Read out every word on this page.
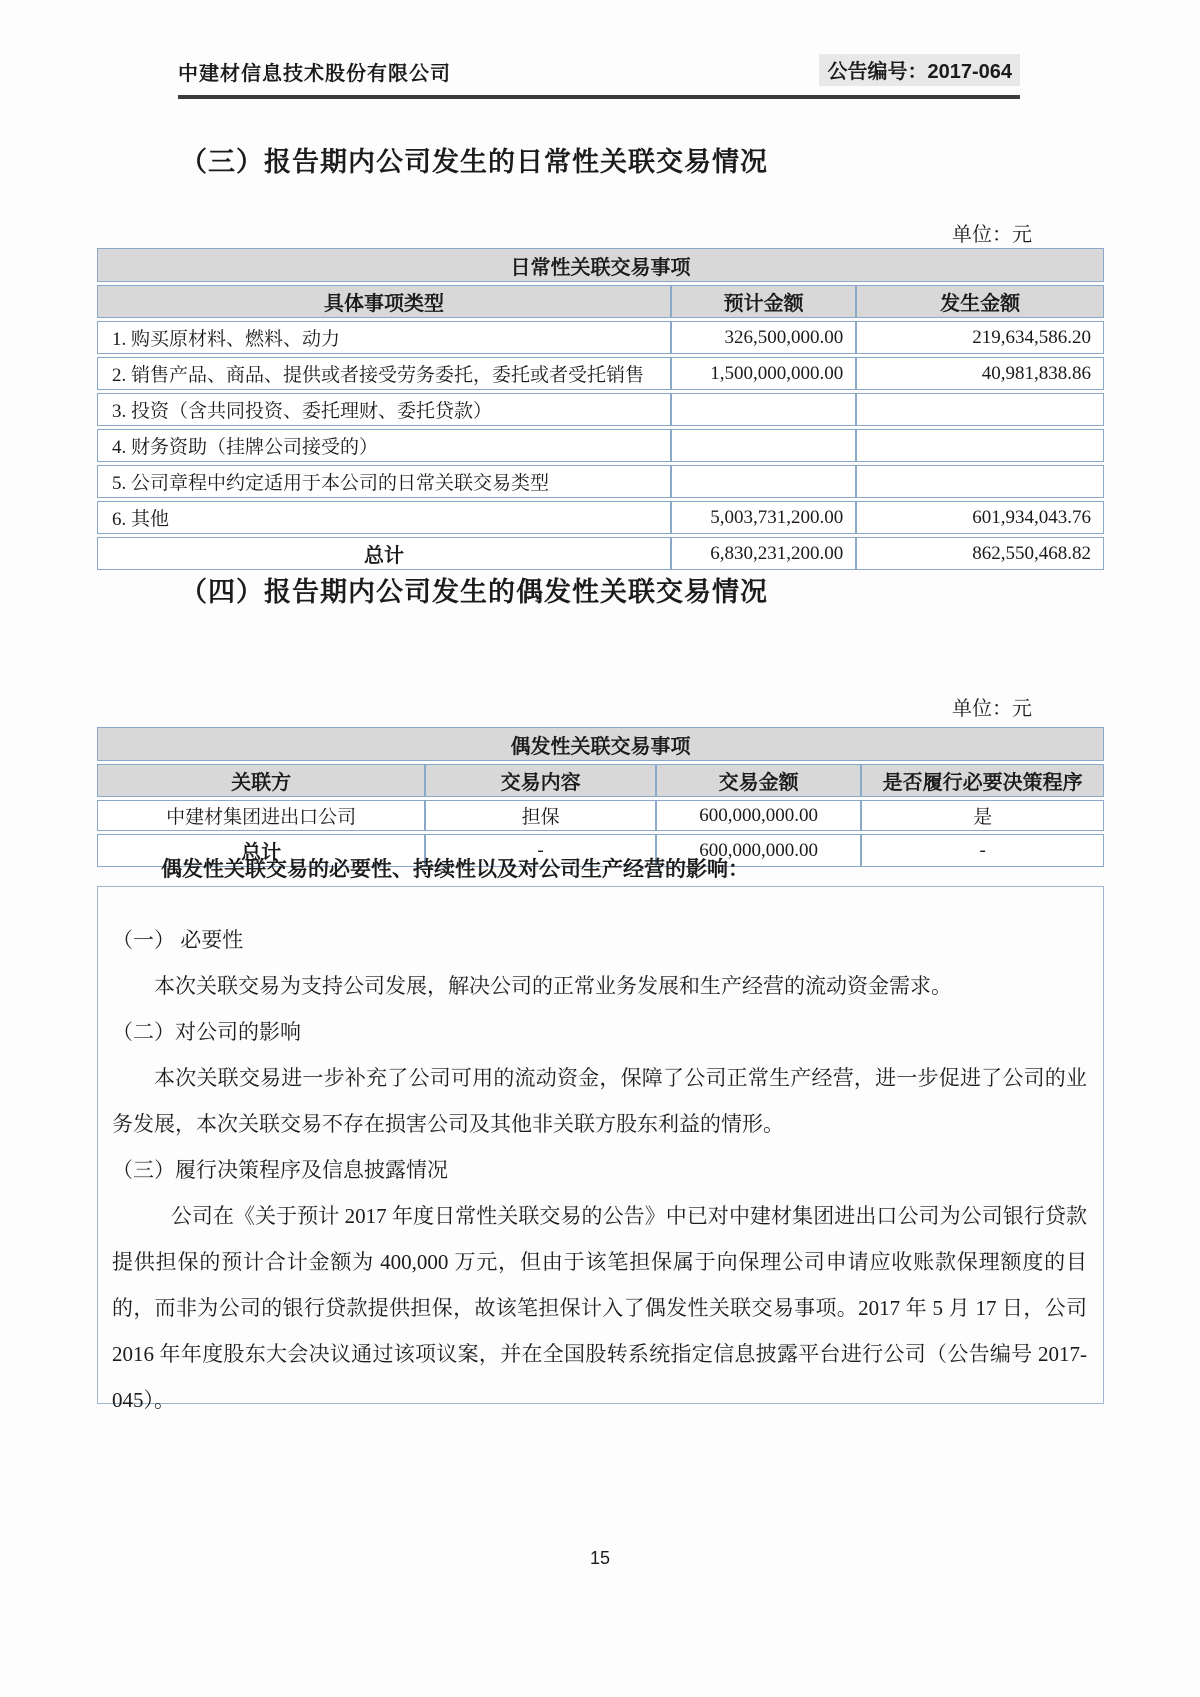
中建材信息技术股份有限公司	公告编号：2017-064
（三）报告期内公司发生的日常性关联交易情况
单位：元
日常性关联交易事项		
具体事项类型	预计金额	发生金额
1. 购买原材料、燃料、动力	326,500,000.00	219,634,586.20
2. 销售产品、商品、提供或者接受劳务委托，委托或者受托销售	1,500,000,000.00	40,981,838.86
3. 投资（含共同投资、委托理财、委托贷款）		
4. 财务资助（挂牌公司接受的）		
5. 公司章程中约定适用于本公司的日常关联交易类型		
6. 其他	5,003,731,200.00	601,934,043.76
总计	6,830,231,200.00	862,550,468.82
（四）报告期内公司发生的偶发性关联交易情况
单位：元
偶发性关联交易事项			
关联方	交易内容	交易金额	是否履行必要决策程序
中建材集团进出口公司	担保	600,000,000.00	是
总计	-	600,000,000.00	-
偶发性关联交易的必要性、持续性以及对公司生产经营的影响：

（一） 必要性

本次关联交易为支持公司发展，解决公司的正常业务发展和生产经营的流动资金需求。

（二）对公司的影响

本次关联交易进一步补充了公司可用的流动资金，保障了公司正常生产经营，进一步促进了公司的业务发展，本次关联交易不存在损害公司及其他非关联方股东利益的情形。

（三）履行决策程序及信息披露情况

公司在《关于预计 2017 年度日常性关联交易的公告》中已对中建材集团进出口公司为公司银行贷款提供担保的预计合计金额为 400,000 万元，但由于该笔担保属于向保理公司申请应收账款保理额度的目的，而非为公司的银行贷款提供担保，故该笔担保计入了偶发性关联交易事项。2017 年 5 月 17 日，公司 2016 年年度股东大会决议通过该项议案，并在全国股转系统指定信息披露平台进行公司（公告编号 2017-045）。

15
